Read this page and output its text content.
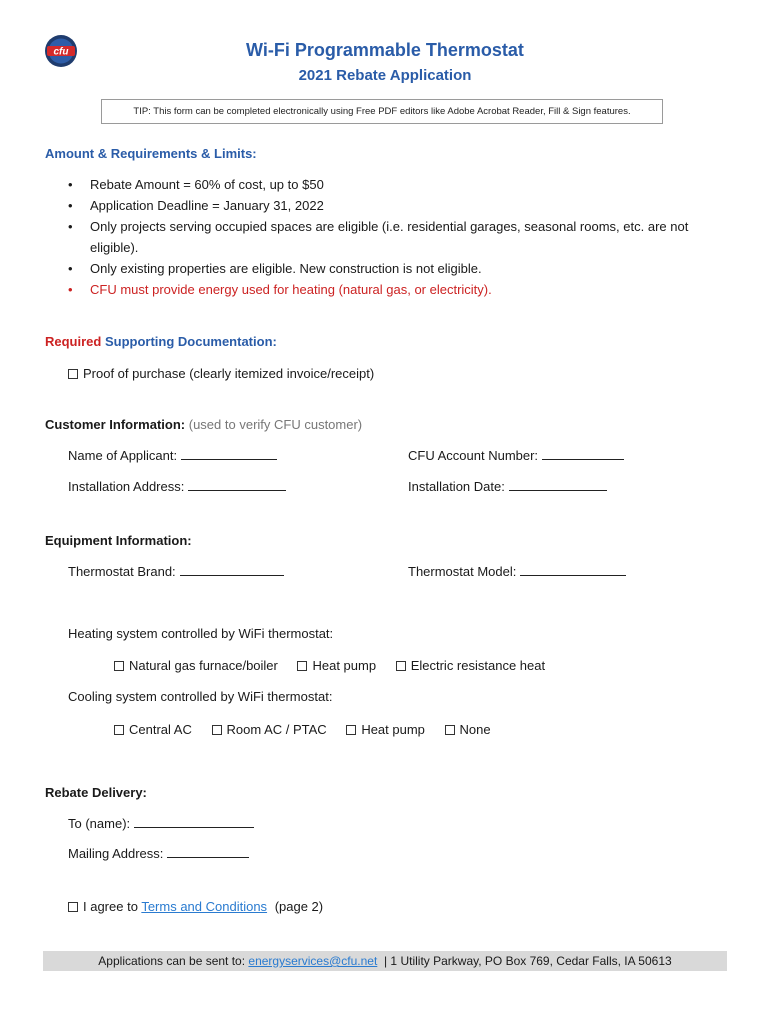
cfu	Wi-Fi Programmable Thermostat
2021 Rebate Application
TIP: This form can be completed electronically using Free PDF editors like Adobe Acrobat Reader, Fill & Sign features.
Amount & Requirements & Limits:
• Rebate Amount = 60% of cost, up to $50
• Application Deadline = January 31, 2022
• Only projects serving occupied spaces are eligible (i.e. residential garages, seasonal rooms, etc. are not eligible).
• Only existing properties are eligible. New construction is not eligible.
• CFU must provide energy used for heating (natural gas, or electricity).
Required Supporting Documentation:
Proof of purchase (clearly itemized invoice/receipt)
Customer Information: (used to verify CFU customer)
Name of Applicant:	CFU Account Number:
Installation Address:	Installation Date:
Equipment Information:
Thermostat Brand:	Thermostat Model:
Heating system controlled by WiFi thermostat:
Natural gas furnace/boiler	Heat pump	Electric resistance heat
Cooling system controlled by WiFi thermostat:
Central AC	Room AC / PTAC	Heat pump	None
Rebate Delivery:
To (name):
Mailing Address:
I agree to Terms and Conditions (page 2)
Applications can be sent to:
energyservices@cfu.net
| 1 Utility Parkway, PO Box 769, Cedar Falls, IA 50613
